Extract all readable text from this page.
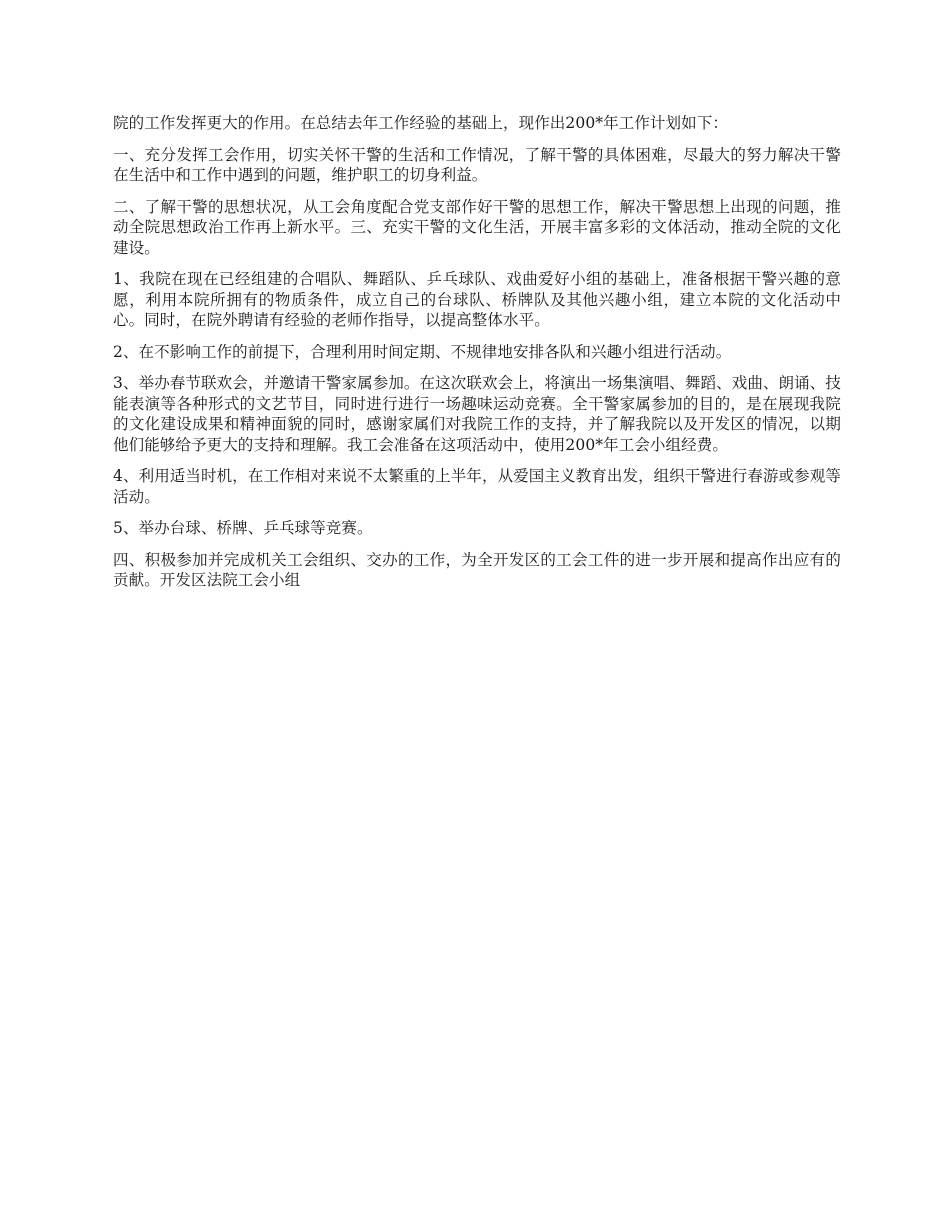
院的工作发挥更大的作用。在总结去年工作经验的基础上，现作出200*年工作计划如下：

一、充分发挥工会作用，切实关怀干警的生活和工作情况，了解干警的具体困难，尽最大的努力解决干警在生活中和工作中遇到的问题，维护职工的切身利益。

二、了解干警的思想状况，从工会角度配合党支部作好干警的思想工作，解决干警思想上出现的问题，推动全院思想政治工作再上新水平。三、充实干警的文化生活，开展丰富多彩的文体活动，推动全院的文化建设。

1、我院在现在已经组建的合唱队、舞蹈队、乒乓球队、戏曲爱好小组的基础上，准备根据干警兴趣的意愿，利用本院所拥有的物质条件，成立自己的台球队、桥牌队及其他兴趣小组，建立本院的文化活动中心。同时，在院外聘请有经验的老师作指导，以提高整体水平。

2、在不影响工作的前提下，合理利用时间定期、不规律地安排各队和兴趣小组进行活动。

3、举办春节联欢会，并邀请干警家属参加。在这次联欢会上，将演出一场集演唱、舞蹈、戏曲、朗诵、技能表演等各种形式的文艺节目，同时进行进行一场趣味运动竞赛。全干警家属参加的目的，是在展现我院的文化建设成果和精神面貌的同时，感谢家属们对我院工作的支持，并了解我院以及开发区的情况，以期他们能够给予更大的支持和理解。我工会准备在这项活动中，使用200*年工会小组经费。

4、利用适当时机，在工作相对来说不太繁重的上半年，从爱国主义教育出发，组织干警进行春游或参观等活动。

5、举办台球、桥牌、乒乓球等竞赛。

四、积极参加并完成机关工会组织、交办的工作，为全开发区的工会工件的进一步开展和提高作出应有的贡献。开发区法院工会小组
